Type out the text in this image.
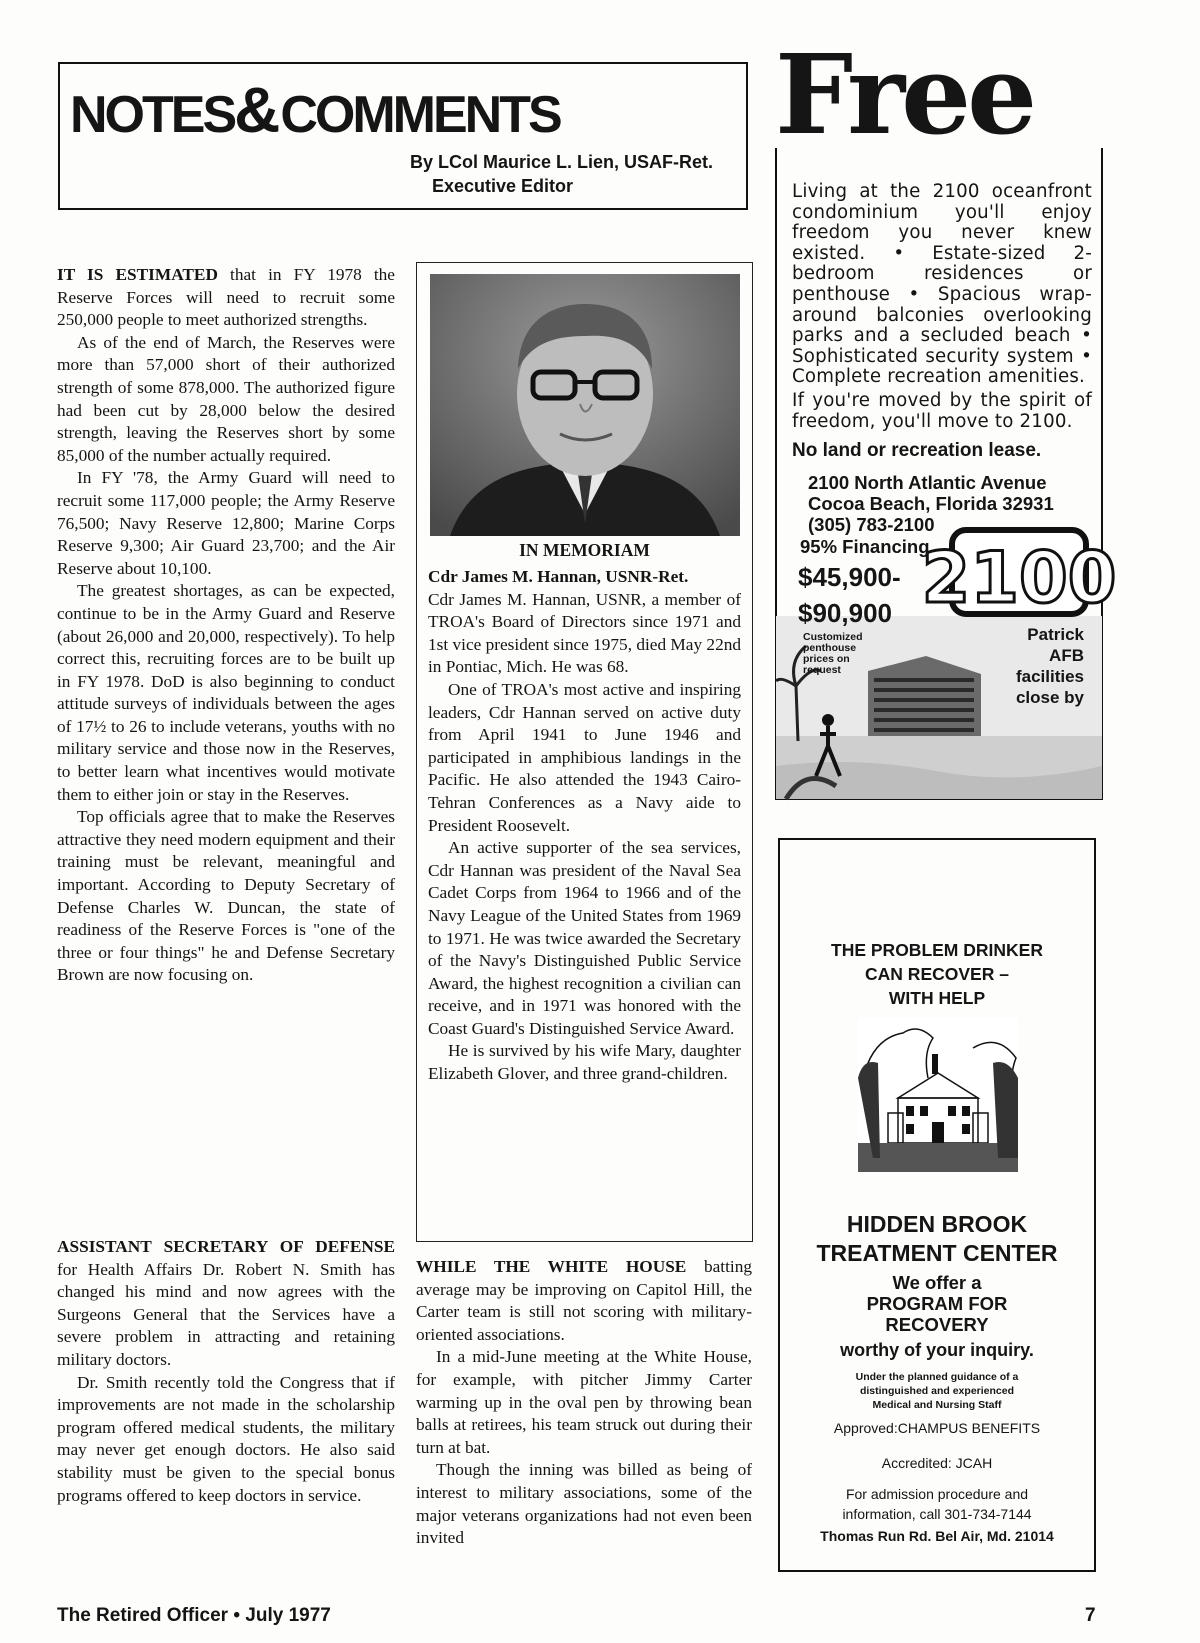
NOTES&COMMENTS
By LCol Maurice L. Lien, USAF-Ret.
Executive Editor

IT IS ESTIMATED that in FY 1978 the Reserve Forces will need to recruit some 250,000 people to meet authorized strengths.

As of the end of March, the Reserves were more than 57,000 short of their authorized strength of some 878,000. The authorized figure had been cut by 28,000 below the desired strength, leaving the Reserves short by some 85,000 of the number actually required.

In FY '78, the Army Guard will need to recruit some 117,000 people; the Army Reserve 76,500; Navy Reserve 12,800; Marine Corps Reserve 9,300; Air Guard 23,700; and the Air Reserve about 10,100.

The greatest shortages, as can be expected, continue to be in the Army Guard and Reserve (about 26,000 and 20,000, respectively). To help correct this, recruiting forces are to be built up in FY 1978. DoD is also beginning to conduct attitude surveys of individuals between the ages of 17½ to 26 to include veterans, youths with no military service and those now in the Reserves, to better learn what incentives would motivate them to either join or stay in the Reserves.

Top officials agree that to make the Reserves attractive they need modern equipment and their training must be relevant, meaningful and important. According to Deputy Secretary of Defense Charles W. Duncan, the state of readiness of the Reserve Forces is "one of the three or four things" he and Defense Secretary Brown are now focusing on.

ASSISTANT SECRETARY OF DEFENSE for Health Affairs Dr. Robert N. Smith has changed his mind and now agrees with the Surgeons General that the Services have a severe problem in attracting and retaining military doctors.

Dr. Smith recently told the Congress that if improvements are not made in the scholarship program offered medical students, the military may never get enough doctors. He also said stability must be given to the special bonus programs offered to keep doctors in service.

IN MEMORIAM

Cdr James M. Hannan, USNR-Ret.

Cdr James M. Hannan, USNR, a member of TROA's Board of Directors since 1971 and 1st vice president since 1975, died May 22nd in Pontiac, Mich. He was 68.

One of TROA's most active and inspiring leaders, Cdr Hannan served on active duty from April 1941 to June 1946 and participated in amphibious landings in the Pacific. He also attended the 1943 Cairo-Tehran Conferences as a Navy aide to President Roosevelt.

An active supporter of the sea services, Cdr Hannan was president of the Naval Sea Cadet Corps from 1964 to 1966 and of the Navy League of the United States from 1969 to 1971. He was twice awarded the Secretary of the Navy's Distinguished Public Service Award, the highest recognition a civilian can receive, and in 1971 was honored with the Coast Guard's Distinguished Service Award.

He is survived by his wife Mary, daughter Elizabeth Glover, and three grand-children.

WHILE THE WHITE HOUSE batting average may be improving on Capitol Hill, the Carter team is still not scoring with military-oriented associations.

In a mid-June meeting at the White House, for example, with pitcher Jimmy Carter warming up in the oval pen by throwing bean balls at retirees, his team struck out during their turn at bat.

Though the inning was billed as being of interest to military associations, some of the major veterans organizations had not even been invited

Free

Living at the 2100 oceanfront condominium you'll enjoy freedom you never knew existed. • Estate-sized 2-bedroom residences or penthouse • Spacious wrap-around balconies overlooking parks and a secluded beach • Sophisticated security system • Complete recreation amenities.

If you're moved by the spirit of freedom, you'll move to 2100.

No land or recreation lease.
2100 North Atlantic Avenue
Cocoa Beach, Florida 32931
(305) 783-2100
2100
95% Financing
$45,900-
$90,900
Customized penthouse prices on request
Patrick AFB facilities close by
THE PROBLEM DRINKER
CAN RECOVER –
WITH HELP
HIDDEN BROOK
TREATMENT CENTER
We offer a
PROGRAM FOR
RECOVERY
worthy of your inquiry.
Under the planned guidance of a
distinguished and experienced
Medical and Nursing Staff
Approved:CHAMPUS BENEFITS
Accredited: JCAH
For admission procedure and
information, call 301-734-7144
Thomas Run Rd. Bel Air, Md. 21014
The Retired Officer • July 1977	7
